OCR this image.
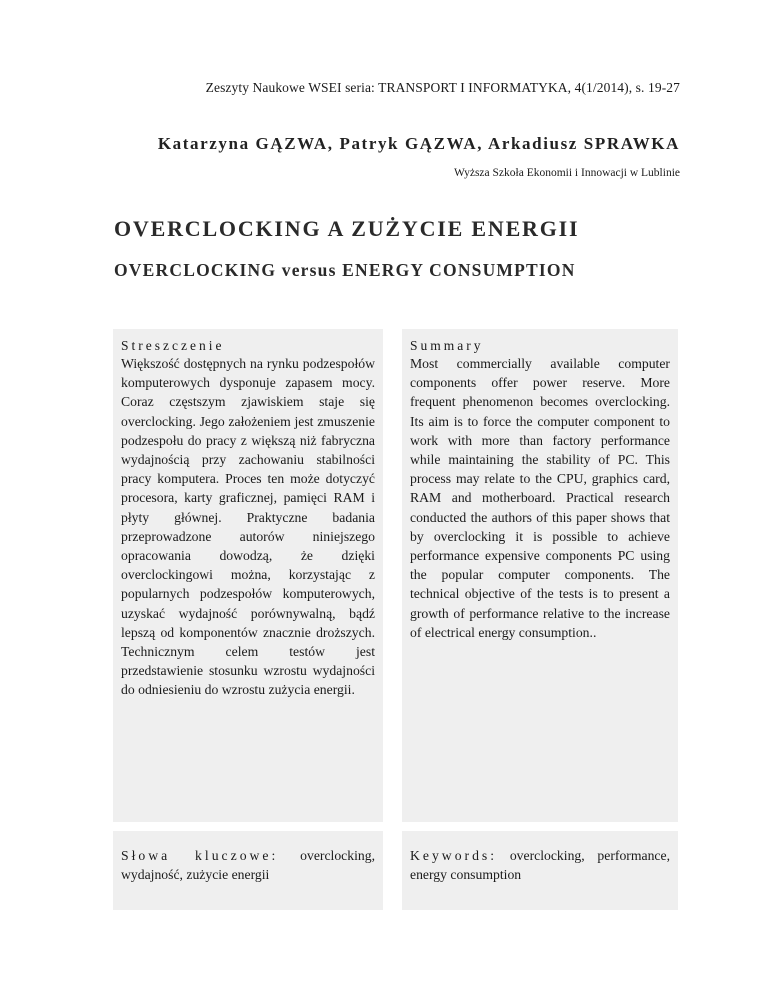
Zeszyty Naukowe WSEI seria: TRANSPORT I INFORMATYKA, 4(1/2014), s. 19-27
Katarzyna GĄZWA, Patryk GĄZWA, Arkadiusz SPRAWKA
Wyższa Szkoła Ekonomii i Innowacji w Lublinie
OVERCLOCKING A ZUŻYCIE ENERGII
OVERCLOCKING versus ENERGY CONSUMPTION
Streszczenie
Większość dostępnych na rynku podzespołów komputerowych dysponuje zapasem mocy. Coraz częstszym zjawiskiem staje się overclocking. Jego założeniem jest zmuszenie podzespołu do pracy z większą niż fabryczna wydajnością przy zachowaniu stabilności pracy komputera. Proces ten może dotyczyć procesora, karty graficznej, pamięci RAM i płyty głównej. Praktyczne badania przeprowadzone autorów niniejszego opracowania dowodzą, że dzięki overclockingowi można, korzystając z popularnych podzespołów komputerowych, uzyskać wydajność porównywalną, bądź lepszą od komponentów znacznie droższych. Technicznym celem testów jest przedstawienie stosunku wzrostu wydajności do odniesieniu do wzrostu zużycia energii.
Summary
Most commercially available computer components offer power reserve. More frequent phenomenon becomes overclocking. Its aim is to force the computer component to work with more than factory performance while maintaining the stability of PC. This process may relate to the CPU, graphics card, RAM and motherboard. Practical research conducted the authors of this paper shows that by overclocking it is possible to achieve performance expensive components PC using the popular computer components. The technical objective of the tests is to present a growth of performance relative to the increase of electrical energy consumption..
Słowa kluczowe: overclocking, wydajność, zużycie energii
Keywords: overclocking, performance, energy consumption
